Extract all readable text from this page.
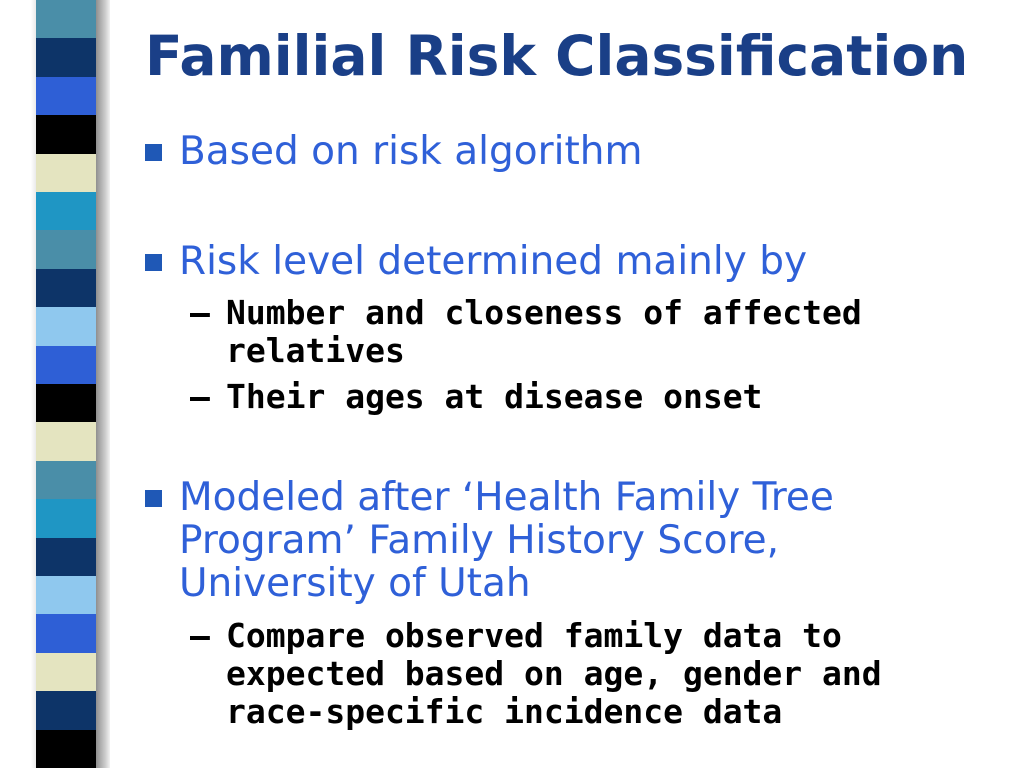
Familial Risk Classification
Based on risk algorithm
Risk level determined mainly by
– Number and closeness of affected relatives
– Their ages at disease onset
Modeled after ‘Health Family Tree Program’ Family History Score, University of Utah
– Compare observed family data to expected based on age, gender and race-specific incidence data
